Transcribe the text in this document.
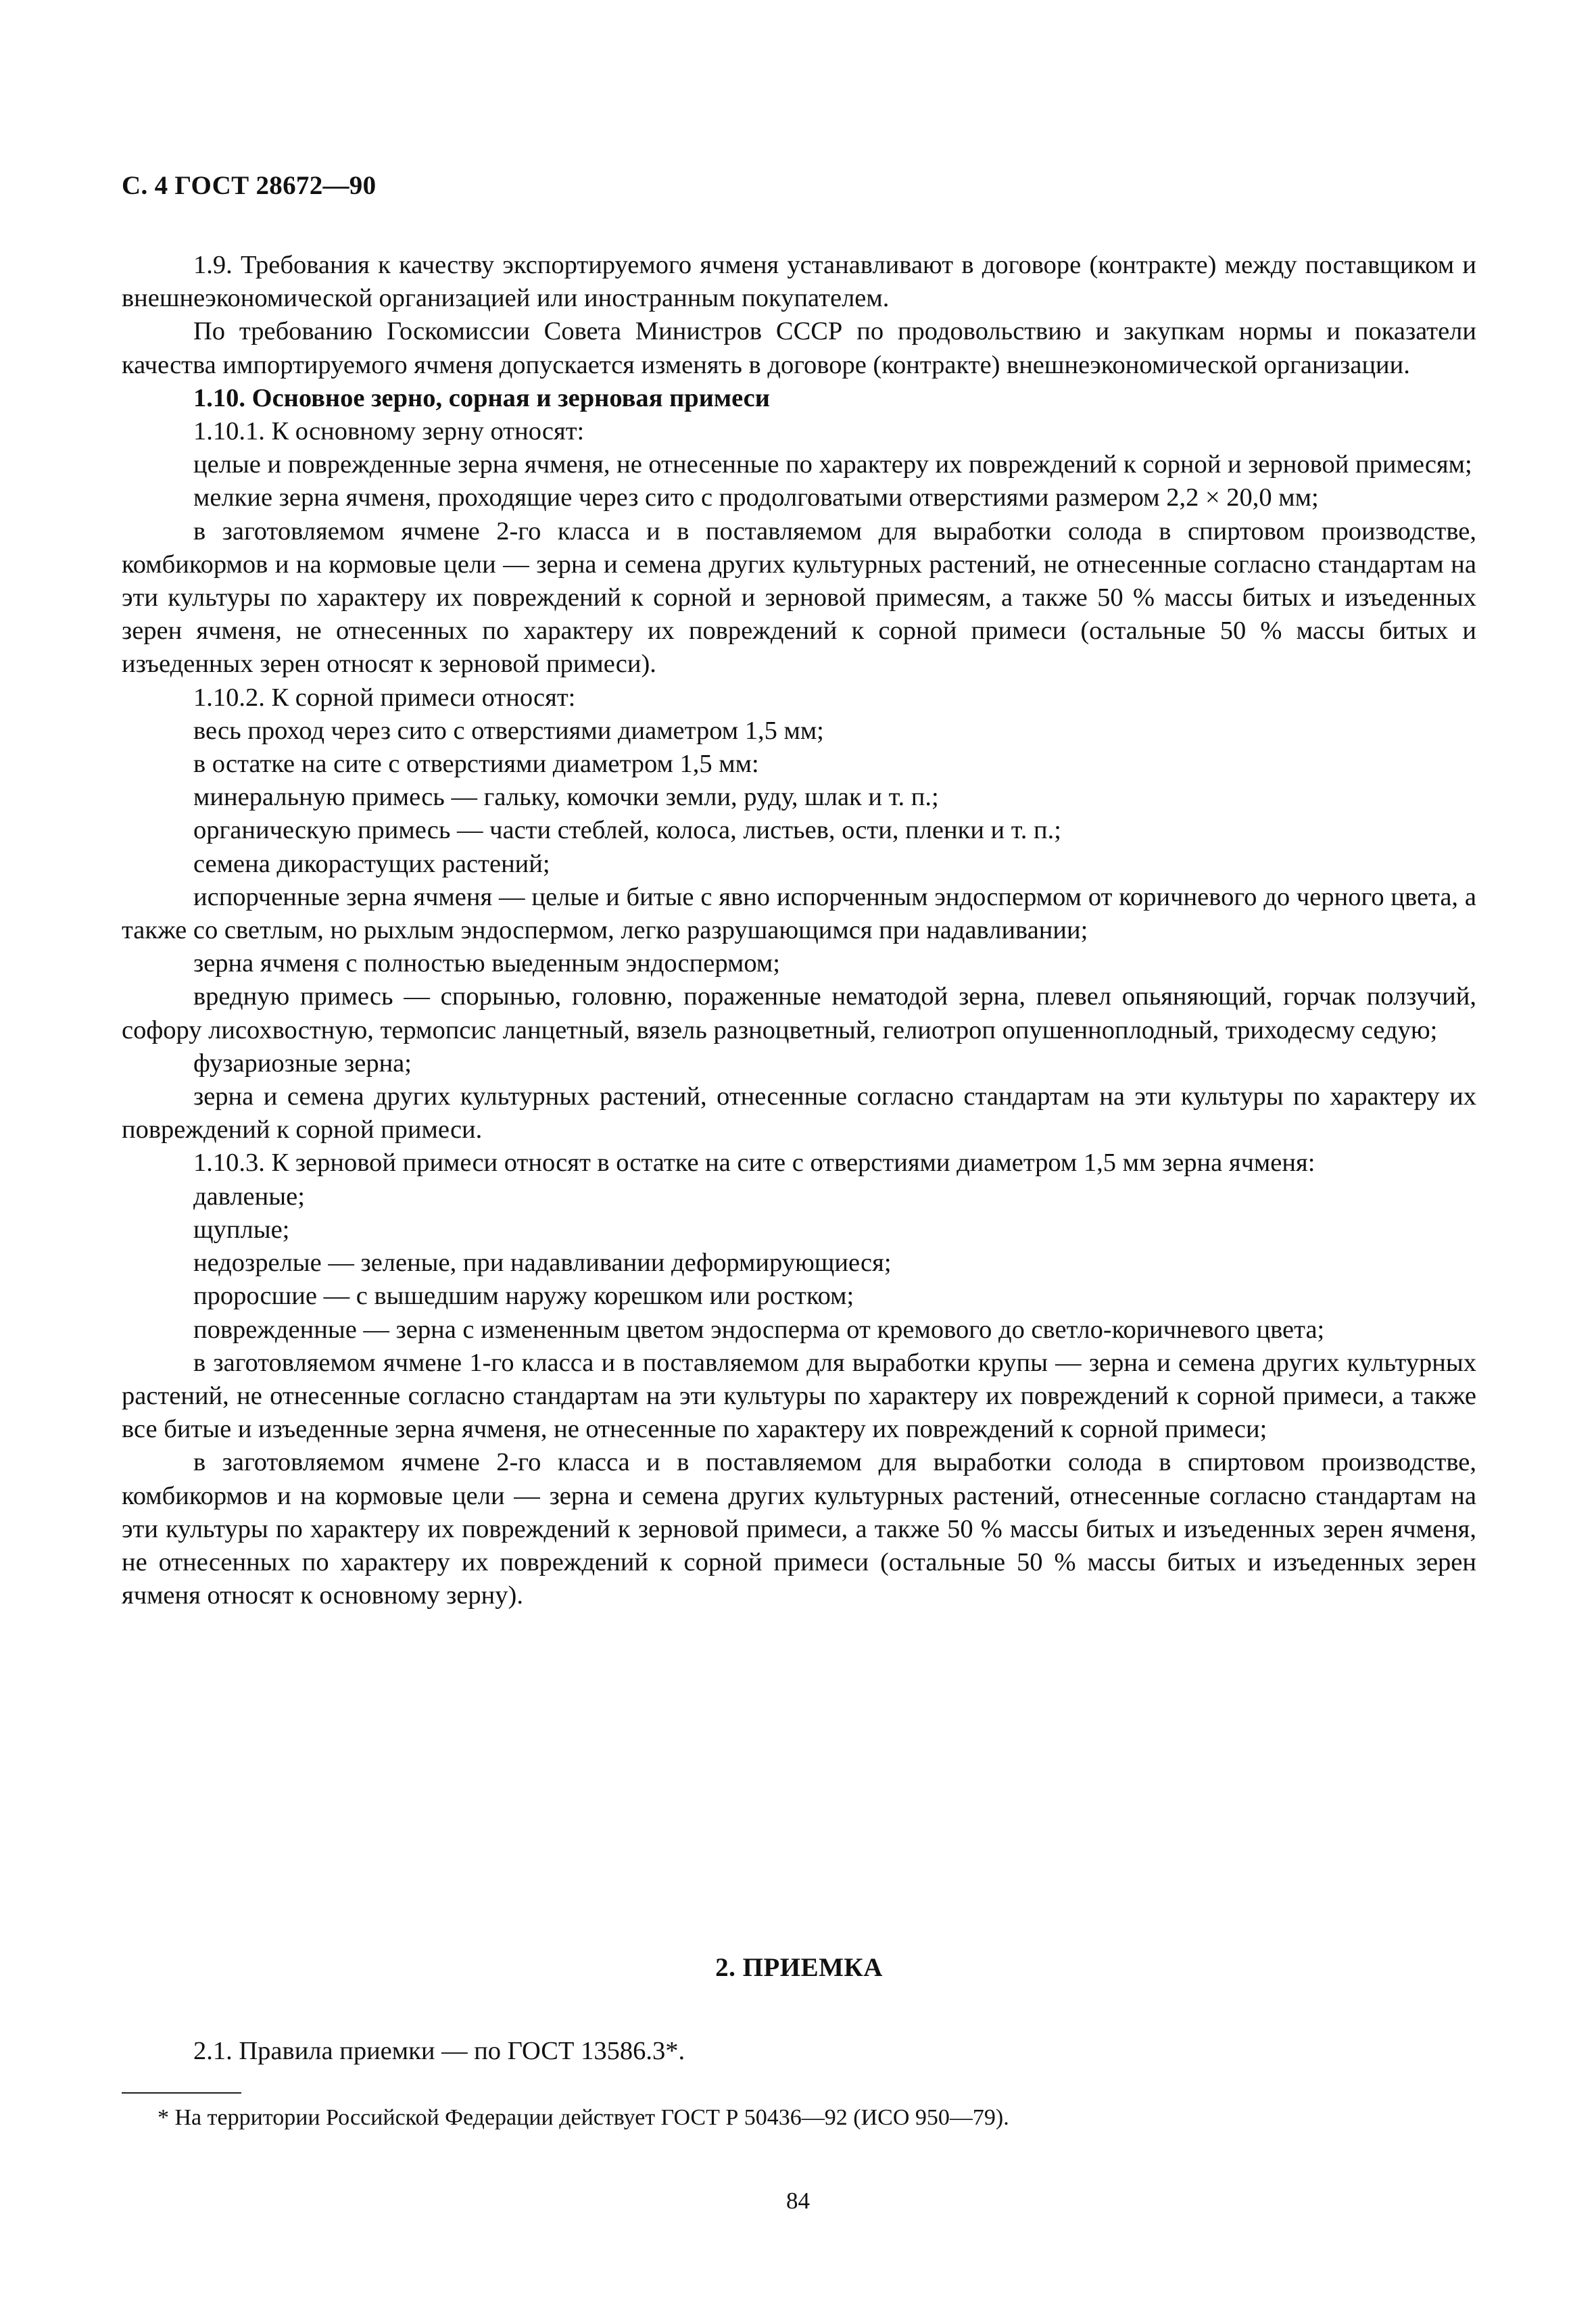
С. 4 ГОСТ 28672—90

1.9. Требования к качеству экспортируемого ячменя устанавливают в договоре (контракте) между поставщиком и внешнеэкономической организацией или иностранным покупателем.

По требованию Госкомиссии Совета Министров СССР по продовольствию и закупкам нормы и показатели качества импортируемого ячменя допускается изменять в договоре (контракте) внешнеэкономической организации.

1.10. Основное зерно, сорная и зерновая примеси

1.10.1. К основному зерну относят:

целые и поврежденные зерна ячменя, не отнесенные по характеру их повреждений к сорной и зерновой примесям;

мелкие зерна ячменя, проходящие через сито с продолговатыми отверстиями размером 2,2 × 20,0 мм;

в заготовляемом ячмене 2-го класса и в поставляемом для выработки солода в спиртовом производстве, комбикормов и на кормовые цели — зерна и семена других культурных растений, не отнесенные согласно стандартам на эти культуры по характеру их повреждений к сорной и зерновой примесям, а также 50 % массы битых и изъеденных зерен ячменя, не отнесенных по характеру их повреждений к сорной примеси (остальные 50 % массы битых и изъеденных зерен относят к зерновой примеси).

1.10.2. К сорной примеси относят:

весь проход через сито с отверстиями диаметром 1,5 мм;

в остатке на сите с отверстиями диаметром 1,5 мм:

минеральную примесь — гальку, комочки земли, руду, шлак и т. п.;

органическую примесь — части стеблей, колоса, листьев, ости, пленки и т. п.;

семена дикорастущих растений;

испорченные зерна ячменя — целые и битые с явно испорченным эндоспермом от коричневого до черного цвета, а также со светлым, но рыхлым эндоспермом, легко разрушающимся при надавливании;

зерна ячменя с полностью выеденным эндоспермом;

вредную примесь — спорынью, головню, пораженные нематодой зерна, плевел опьяняющий, горчак ползучий, софору лисохвостную, термопсис ланцетный, вязель разноцветный, гелиотроп опушенноплодный, триходесму седую;

фузариозные зерна;

зерна и семена других культурных растений, отнесенные согласно стандартам на эти культуры по характеру их повреждений к сорной примеси.

1.10.3. К зерновой примеси относят в остатке на сите с отверстиями диаметром 1,5 мм зерна ячменя:

давленые;

щуплые;

недозрелые — зеленые, при надавливании деформирующиеся;

проросшие — с вышедшим наружу корешком или ростком;

поврежденные — зерна с измененным цветом эндосперма от кремового до светло-коричневого цвета;

в заготовляемом ячмене 1-го класса и в поставляемом для выработки крупы — зерна и семена других культурных растений, не отнесенные согласно стандартам на эти культуры по характеру их повреждений к сорной примеси, а также все битые и изъеденные зерна ячменя, не отнесенные по характеру их повреждений к сорной примеси;

в заготовляемом ячмене 2-го класса и в поставляемом для выработки солода в спиртовом производстве, комбикормов и на кормовые цели — зерна и семена других культурных растений, отнесенные согласно стандартам на эти культуры по характеру их повреждений к зерновой примеси, а также 50 % массы битых и изъеденных зерен ячменя, не отнесенных по характеру их повреждений к сорной примеси (остальные 50 % массы битых и изъеденных зерен ячменя относят к основному зерну).

2. ПРИЕМКА
2.1. Правила приемки — по ГОСТ 13586.3*.
* На территории Российской Федерации действует ГОСТ Р 50436—92 (ИСО 950—79).
84
